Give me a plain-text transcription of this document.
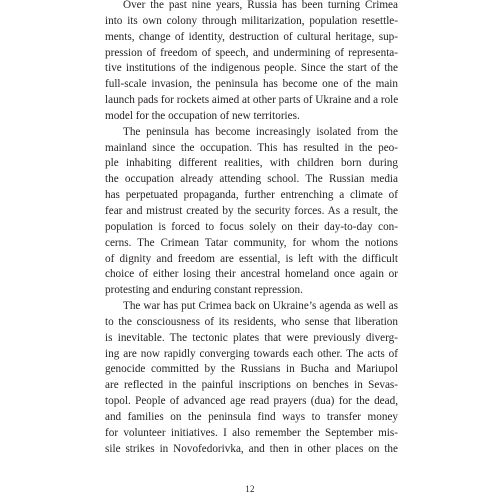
Over the past nine years, Russia has been turning Crimea
into its own colony through militarization, population resettle-
ments, change of identity, destruction of cultural heritage, sup-
pression of freedom of speech, and undermining of representa-
tive institutions of the indigenous people. Since the start of the
full-scale invasion, the peninsula has become one of the main
launch pads for rockets aimed at other parts of Ukraine and a role
model for the occupation of new territories.
The peninsula has become increasingly isolated from the
mainland since the occupation. This has resulted in the peo-
ple inhabiting different realities, with children born during
the occupation already attending school. The Russian media
has perpetuated propaganda, further entrenching a climate of
fear and mistrust created by the security forces. As a result, the
population is forced to focus solely on their day-to-day con-
cerns. The Crimean Tatar community, for whom the notions
of dignity and freedom are essential, is left with the difficult
choice of either losing their ancestral homeland once again or
protesting and enduring constant repression.
The war has put Crimea back on Ukraine’s agenda as well as
to the consciousness of its residents, who sense that liberation
is inevitable. The tectonic plates that were previously diverg-
ing are now rapidly converging towards each other. The acts of
genocide committed by the Russians in Bucha and Mariupol
are reflected in the painful inscriptions on benches in Sevas-
topol. People of advanced age read prayers (dua) for the dead,
and families on the peninsula find ways to transfer money
for volunteer initiatives. I also remember the September mis-
sile strikes in Novofedorivka, and then in other places on the
12
